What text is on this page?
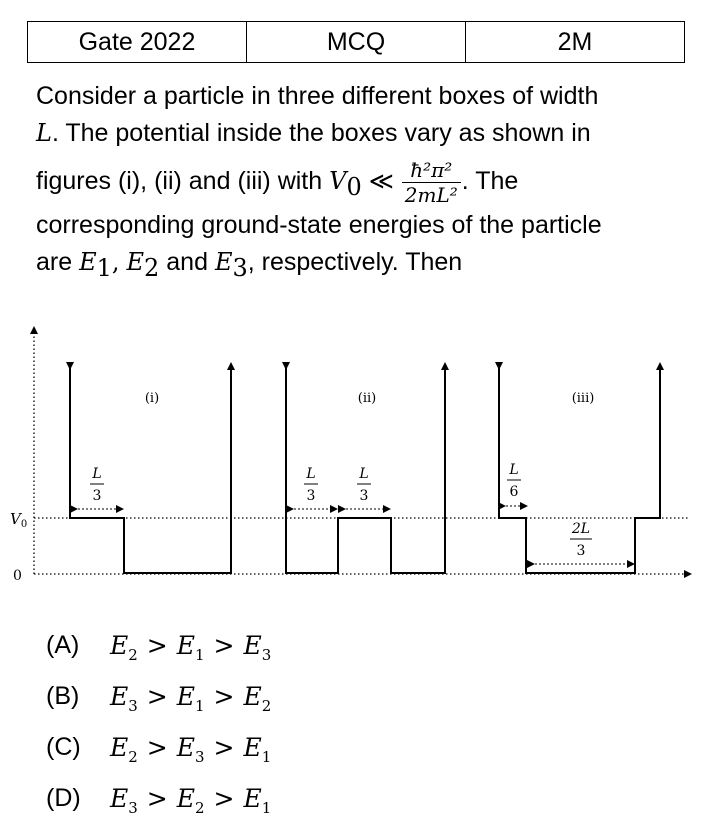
Gate 2022	MCQ	2M

Consider a particle in three different boxes of width

L. The potential inside the boxes vary as shown in

figures (i), (ii) and (iii) with $V_0$ ≪ $\frac{\text{ħ²π²}}{\text{2mL²}}$ . The

corresponding ground-state energies of the particle

are $E_1$, $E_2$ and $E_3$, respectively. Then

$V_0$
0
(i)
L
3
(ii)
L
3
L
3
(iii)
L
6
2L
3
(A)	$E_2 > E_1 > E_3$
(B)	$E_3 > E_1 > E_2$
(C)	$E_2 > E_3 > E_1$
(D)	$E_3 > E_2 > E_1$
